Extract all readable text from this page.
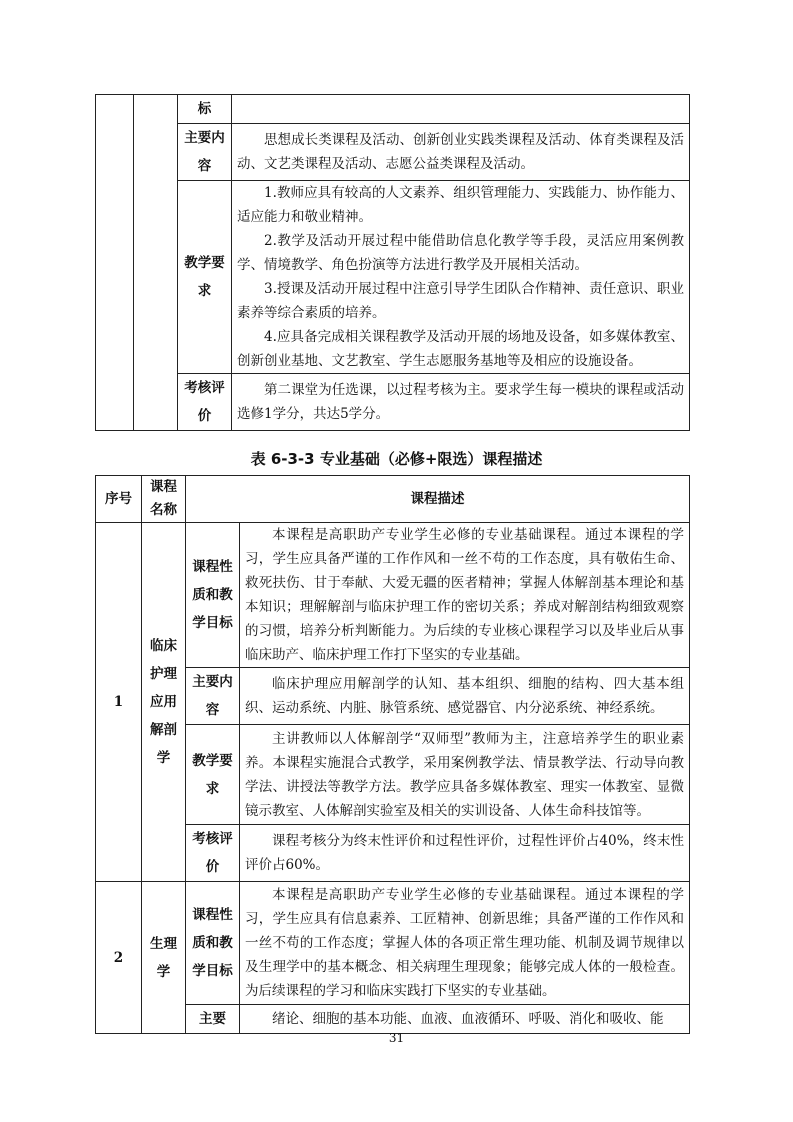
		标	
		主要内容	思想成长类课程及活动、创新创业实践类课程及活动、体育类课程及活动、文艺类课程及活动、志愿公益类课程及活动。

		教学要求	1.教师应具有较高的人文素养、组织管理能力、实践能力、协作能力、适应能力和敬业精神。

2.教学及活动开展过程中能借助信息化教学等手段，灵活应用案例教学、情境教学、角色扮演等方法进行教学及开展相关活动。

3.授课及活动开展过程中注意引导学生团队合作精神、责任意识、职业素养等综合素质的培养。

4.应具备完成相关课程教学及活动开展的场地及设备，如多媒体教室、创新创业基地、文艺教室、学生志愿服务基地等及相应的设施设备。

		考核评价	第二课堂为任选课，以过程考核为主。要求学生每一模块的课程或活动选修1学分，共达5学分。

表 6-3-3 专业基础（必修+限选）课程描述
序号	课程名称	课程描述	
1	临床护理应用解剖学	课程性质和教学目标	本课程是高职助产专业学生必修的专业基础课程。通过本课程的学习，学生应具备严谨的工作作风和一丝不苟的工作态度，具有敬佑生命、救死扶伤、甘于奉献、大爱无疆的医者精神；掌握人体解剖基本理论和基本知识；理解解剖与临床护理工作的密切关系；养成对解剖结构细致观察的习惯，培养分析判断能力。为后续的专业核心课程学习以及毕业后从事临床助产、临床护理工作打下坚实的专业基础。

		主要内容	临床护理应用解剖学的认知、基本组织、细胞的结构、四大基本组织、运动系统、内脏、脉管系统、感觉器官、内分泌系统、神经系统。

		教学要求	主讲教师以人体解剖学“双师型”教师为主，注意培养学生的职业素养。本课程实施混合式教学，采用案例教学法、情景教学法、行动导向教学法、讲授法等教学方法。教学应具备多媒体教室、理实一体教室、显微镜示教室、人体解剖实验室及相关的实训设备、人体生命科技馆等。

		考核评价	课程考核分为终末性评价和过程性评价，过程性评价占40%，终末性评价占60%。

2	生理学	课程性质和教学目标	本课程是高职助产专业学生必修的专业基础课程。通过本课程的学习，学生应具有信息素养、工匠精神、创新思维；具备严谨的工作作风和一丝不苟的工作态度；掌握人体的各项正常生理功能、机制及调节规律以及生理学中的基本概念、相关病理生理现象；能够完成人体的一般检查。为后续课程的学习和临床实践打下坚实的专业基础。

		主要	绪论、细胞的基本功能、血液、血液循环、呼吸、消化和吸收、能

31
